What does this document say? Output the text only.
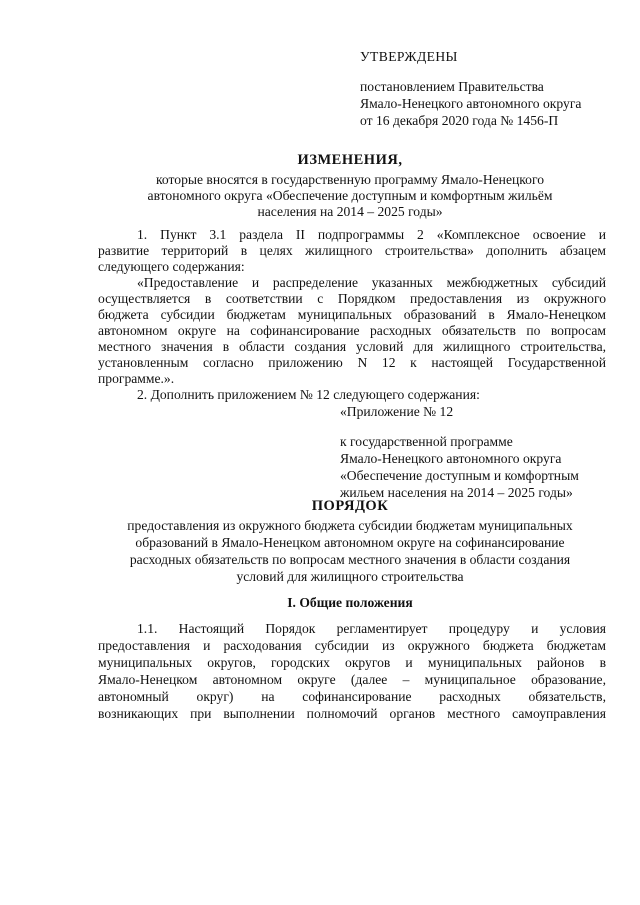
УТВЕРЖДЕНЫ
постановлением Правительства
Ямало-Ненецкого автономного округа
от 16 декабря 2020 года № 1456-П
ИЗМЕНЕНИЯ,
которые вносятся в государственную программу Ямало-Ненецкого
автономного округа «Обеспечение доступным и комфортным жильём
населения на 2014 – 2025 годы»
1. Пункт 3.1 раздела II подпрограммы 2 «Комплексное освоение и
развитие территорий в целях жилищного строительства» дополнить абзацем
следующего содержания:
«Предоставление и распределение указанных межбюджетных субсидий
осуществляется в соответствии с Порядком предоставления из окружного
бюджета субсидии бюджетам муниципальных образований в Ямало-Ненецком
автономном округе на софинансирование расходных обязательств по вопросам
местного значения в области создания условий для жилищного строительства,
установленным согласно приложению N 12 к настоящей Государственной
программе.».
2. Дополнить приложением № 12 следующего содержания:
«Приложение № 12
к государственной программе
Ямало-Ненецкого автономного округа
«Обеспечение доступным и комфортным
жильем населения на 2014 – 2025 годы»
ПОРЯДОК
предоставления из окружного бюджета субсидии бюджетам муниципальных
образований в Ямало-Ненецком автономном округе на софинансирование
расходных обязательств по вопросам местного значения в области создания
условий для жилищного строительства
I. Общие положения
1.1. Настоящий Порядок регламентирует процедуру и условия
предоставления и расходования субсидии из окружного бюджета бюджетам
муниципальных округов, городских округов и муниципальных районов в
Ямало-Ненецком автономном округе (далее – муниципальное образование,
автономный округ) на софинансирование расходных обязательств,
возникающих при выполнении полномочий органов местного самоуправления
